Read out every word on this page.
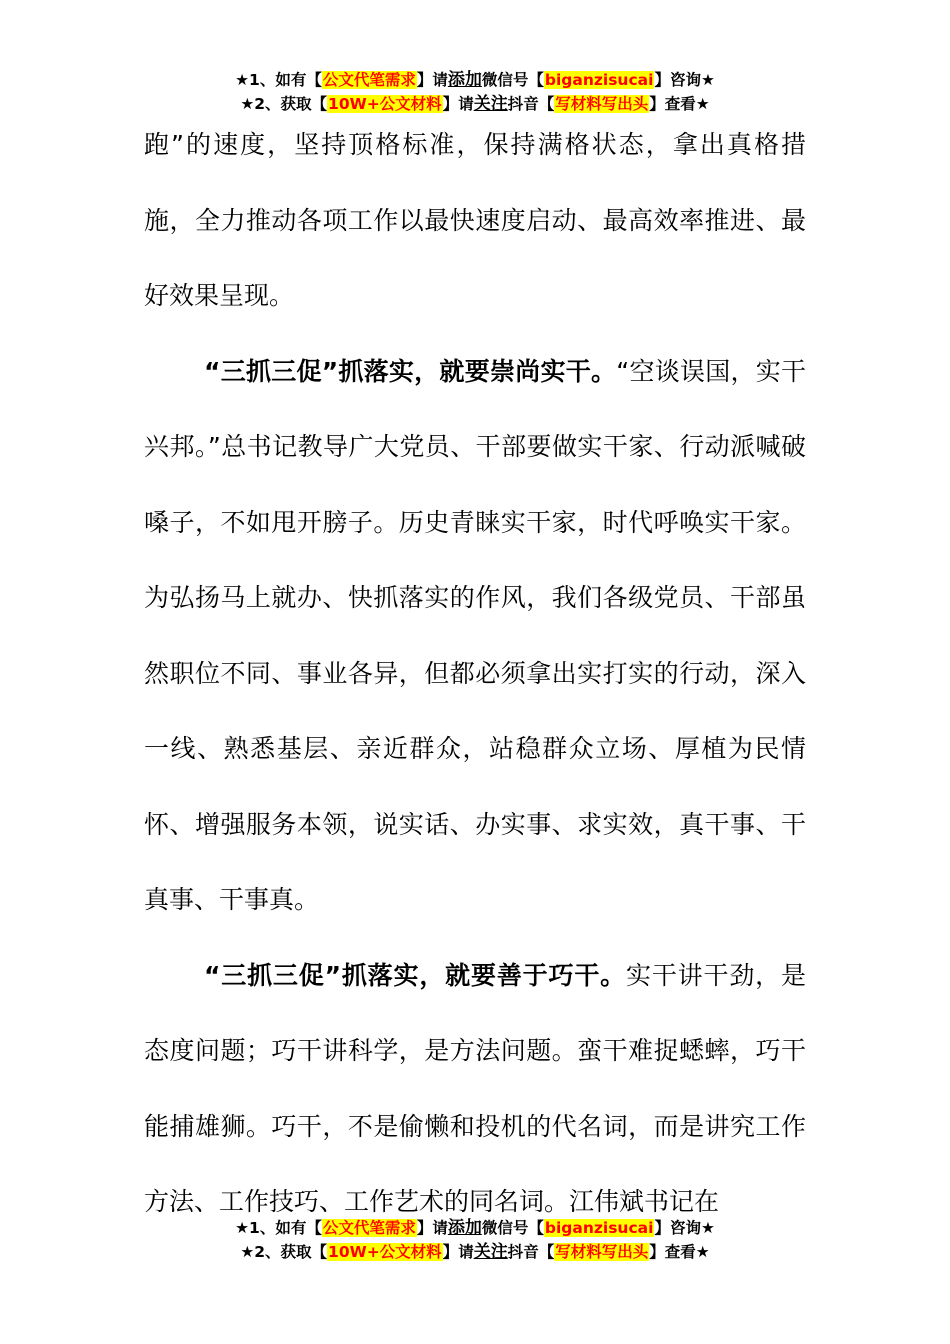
★1、如有【公文代笔需求】请添加微信号【biganzisucai】咨询★
★2、获取【10W+公文材料】请关注抖音【写材料写出头】查看★

跑”的速度，坚持顶格标准，保持满格状态，拿出真格措施，全力推动各项工作以最快速度启动、最高效率推进、最好效果呈现。

“三抓三促”抓落实，就要崇尚实干。“空谈误国，实干兴邦。”总书记教导广大党员、干部要做实干家、行动派喊破嗓子，不如甩开膀子。历史青睐实干家，时代呼唤实干家。为弘扬马上就办、快抓落实的作风，我们各级党员、干部虽然职位不同、事业各异，但都必须拿出实打实的行动，深入一线、熟悉基层、亲近群众，站稳群众立场、厚植为民情怀、增强服务本领，说实话、办实事、求实效，真干事、干真事、干事真。

“三抓三促”抓落实，就要善于巧干。实干讲干劲，是态度问题；巧干讲科学，是方法问题。蛮干难捉蟋蟀，巧干能捕雄狮。巧干，不是偷懒和投机的代名词，而是讲究工作方法、工作技巧、工作艺术的同名词。江伟斌书记在

★1、如有【公文代笔需求】请添加微信号【biganzisucai】咨询★
★2、获取【10W+公文材料】请关注抖音【写材料写出头】查看★
